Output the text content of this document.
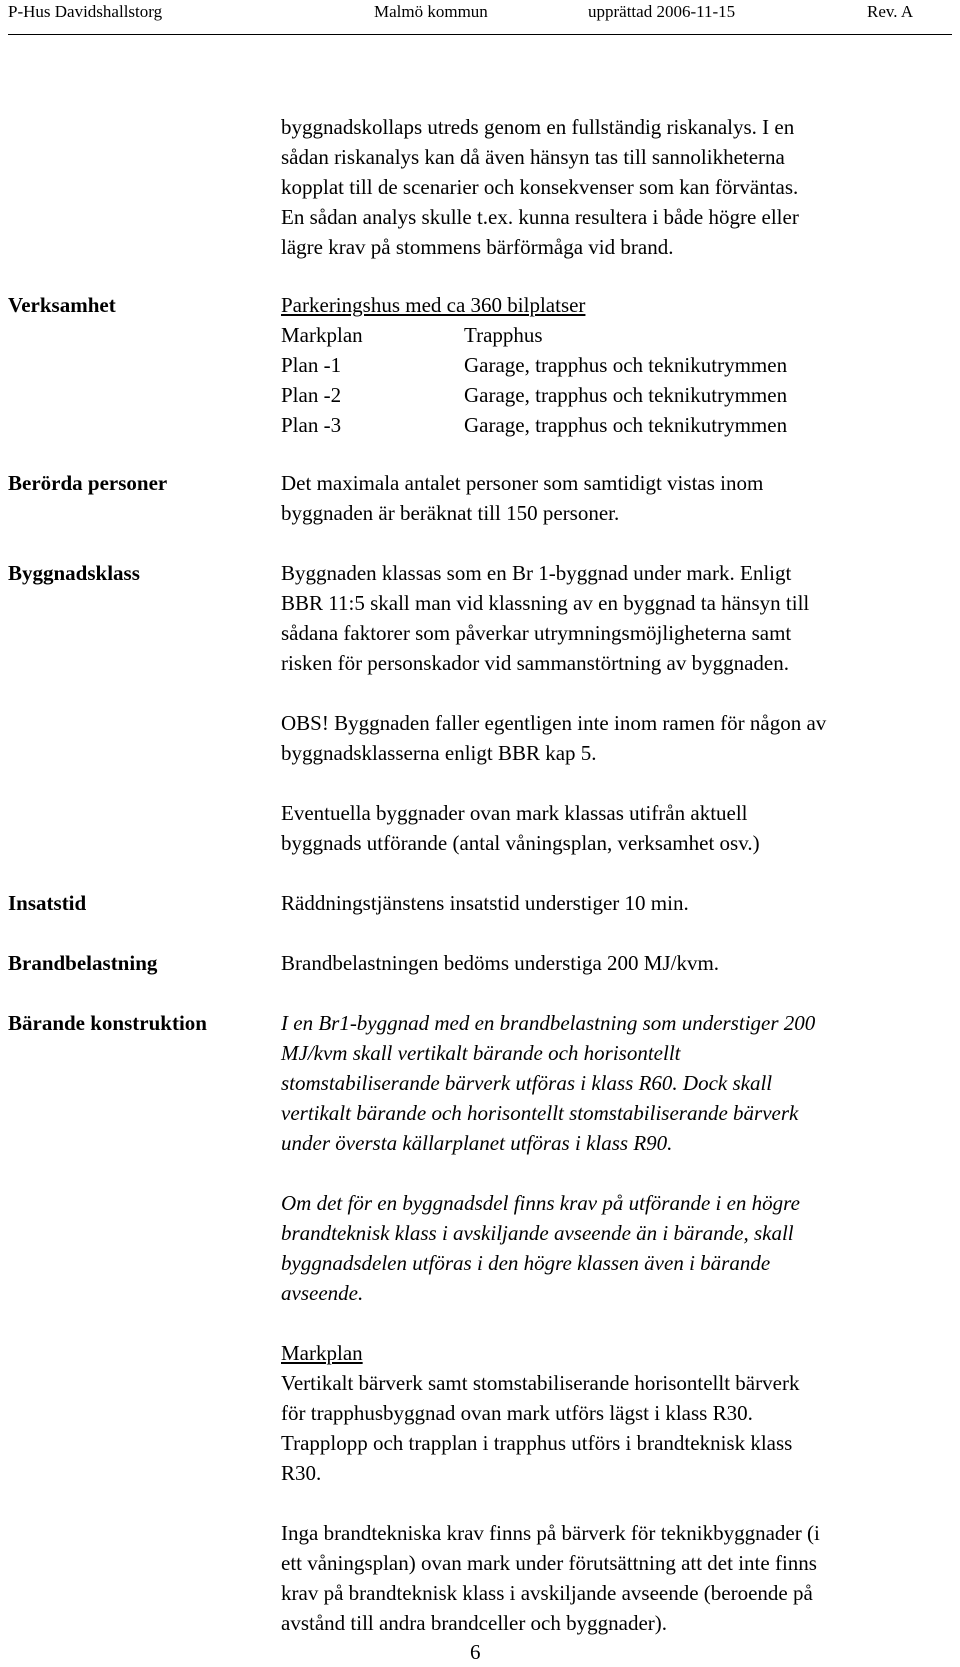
P-Hus Davidshallstorg	Malmö kommun	upprättad 2006-11-15	Rev. A
byggnadskollaps utreds genom en fullständig riskanalys. I en
sådan riskanalys kan då även hänsyn tas till sannolikheterna
kopplat till de scenarier och konsekvenser som kan förväntas.
En sådan analys skulle t.ex. kunna resultera i både högre eller
lägre krav på stommens bärförmåga vid brand.
Verksamhet	Parkeringshus med ca 360 bilplatser
Markplan	Trapphus
Plan -1	Garage, trapphus och teknikutrymmen
Plan -2	Garage, trapphus och teknikutrymmen
Plan -3	Garage, trapphus och teknikutrymmen
Berörda personer	Det maximala antalet personer som samtidigt vistas inom
byggnaden är beräknat till 150 personer.
Byggnadsklass	Byggnaden klassas som en Br 1-byggnad under mark. Enligt
BBR 11:5 skall man vid klassning av en byggnad ta hänsyn till
sådana faktorer som påverkar utrymningsmöjligheterna samt
risken för personskador vid sammanstörtning av byggnaden.
OBS! Byggnaden faller egentligen inte inom ramen för någon av
byggnadsklasserna enligt BBR kap 5.
Eventuella byggnader ovan mark klassas utifrån aktuell
byggnads utförande (antal våningsplan, verksamhet osv.)
Insatstid	Räddningstjänstens insatstid understiger 10 min.
Brandbelastning	Brandbelastningen bedöms understiga 200 MJ/kvm.
Bärande konstruktion	I en Br1-byggnad med en brandbelastning som understiger 200
MJ/kvm skall vertikalt bärande och horisontellt
stomstabiliserande bärverk utföras i klass R60. Dock skall
vertikalt bärande och horisontellt stomstabiliserande bärverk
under översta källarplanet utföras i klass R90.
Om det för en byggnadsdel finns krav på utförande i en högre
brandteknisk klass i avskiljande avseende än i bärande, skall
byggnadsdelen utföras i den högre klassen även i bärande
avseende.
Markplan
Vertikalt bärverk samt stomstabiliserande horisontellt bärverk
för trapphusbyggnad ovan mark utförs lägst i klass R30.
Trapplopp och trapplan i trapphus utförs i brandteknisk klass
R30.
Inga brandtekniska krav finns på bärverk för teknikbyggnader (i
ett våningsplan) ovan mark under förutsättning att det inte finns
krav på brandteknisk klass i avskiljande avseende (beroende på
avstånd till andra brandceller och byggnader).
6
